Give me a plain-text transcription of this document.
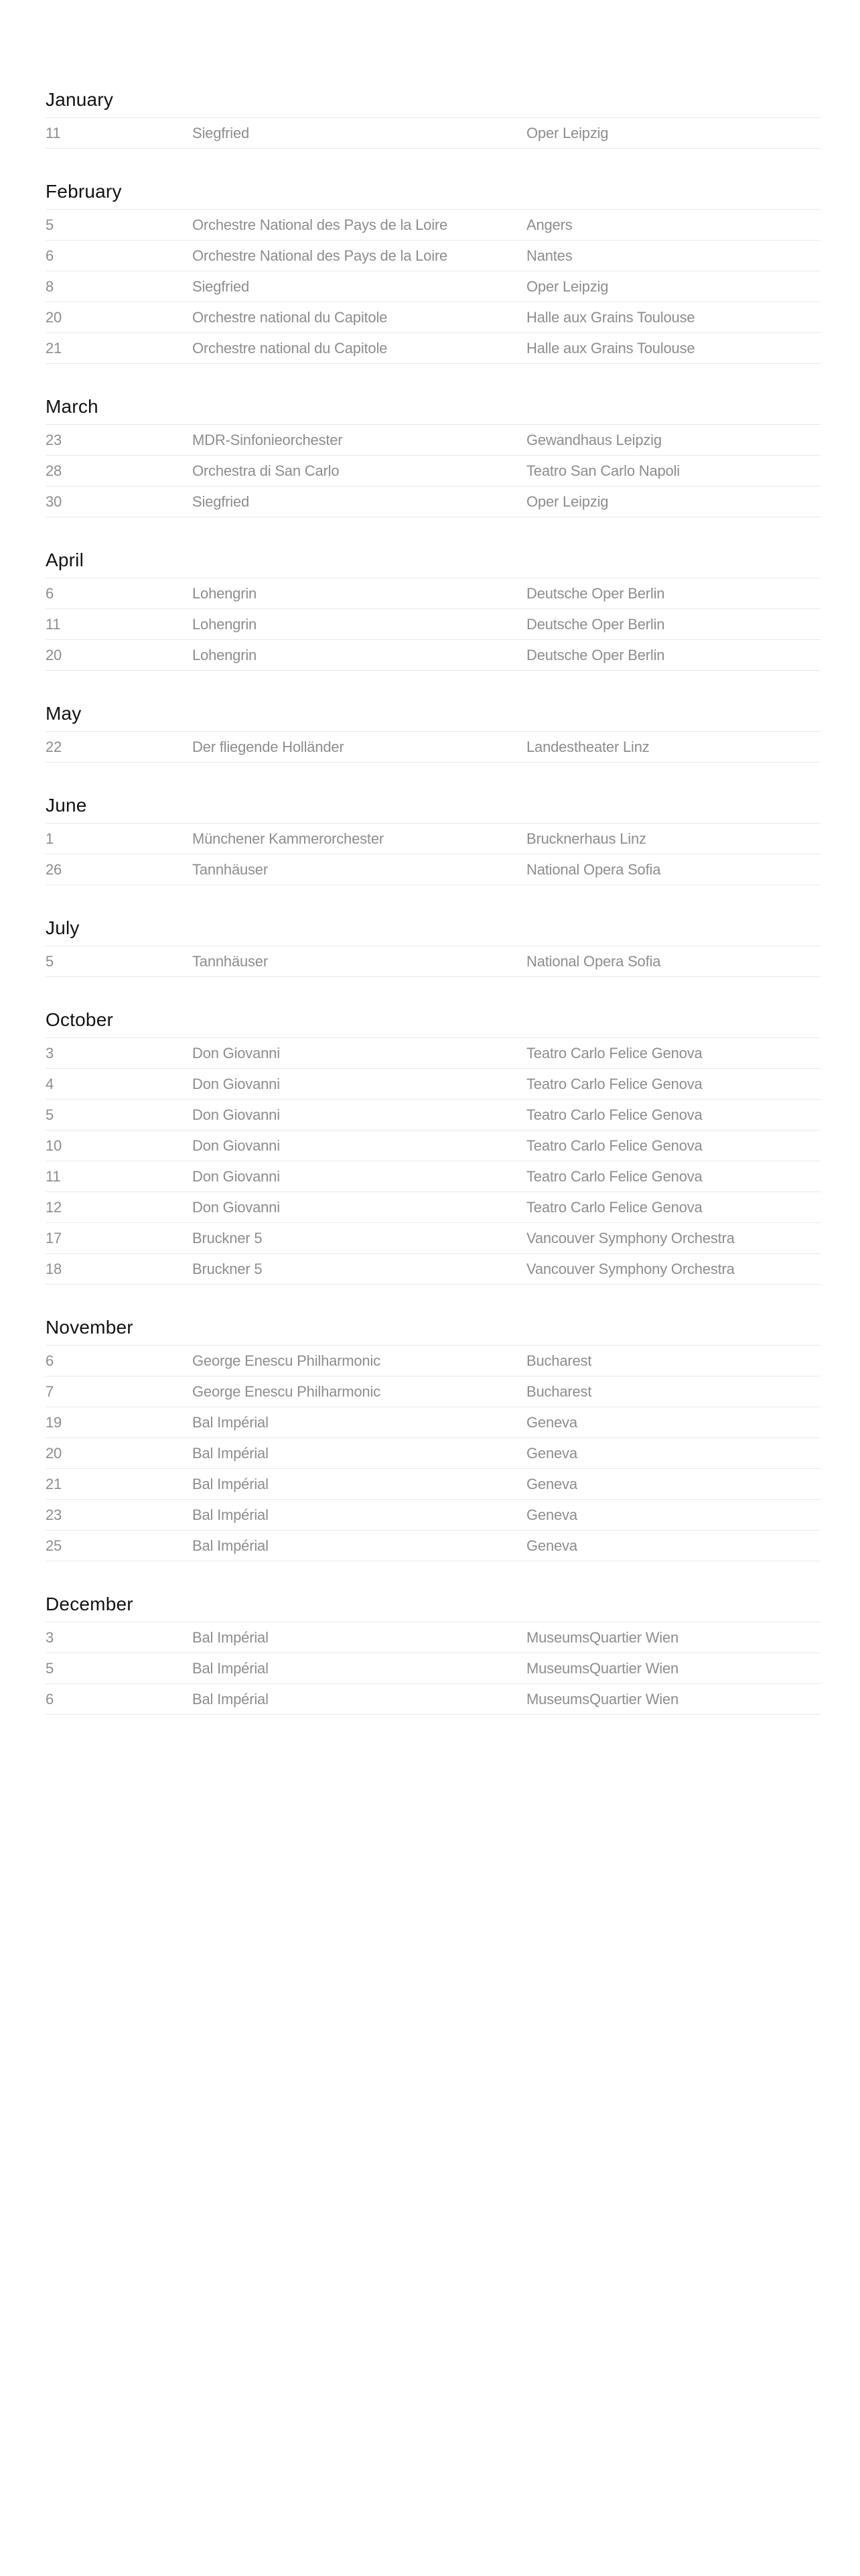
January
11	Siegfried	Oper Leipzig
February
5	Orchestre National des Pays de la Loire	Angers
6	Orchestre National des Pays de la Loire	Nantes
8	Siegfried	Oper Leipzig
20	Orchestre national du Capitole	Halle aux Grains Toulouse
21	Orchestre national du Capitole	Halle aux Grains Toulouse
March
23	MDR-Sinfonieorchester	Gewandhaus Leipzig
28	Orchestra di San Carlo	Teatro San Carlo Napoli
30	Siegfried	Oper Leipzig
April
6	Lohengrin	Deutsche Oper Berlin
11	Lohengrin	Deutsche Oper Berlin
20	Lohengrin	Deutsche Oper Berlin
May
22	Der fliegende Holländer	Landestheater Linz
June
1	Münchener Kammerorchester	Brucknerhaus Linz
26	Tannhäuser	National Opera Sofia
July
5	Tannhäuser	National Opera Sofia
October
3	Don Giovanni	Teatro Carlo Felice Genova
4	Don Giovanni	Teatro Carlo Felice Genova
5	Don Giovanni	Teatro Carlo Felice Genova
10	Don Giovanni	Teatro Carlo Felice Genova
11	Don Giovanni	Teatro Carlo Felice Genova
12	Don Giovanni	Teatro Carlo Felice Genova
17	Bruckner 5	Vancouver Symphony Orchestra
18	Bruckner 5	Vancouver Symphony Orchestra
November
6	George Enescu Philharmonic	Bucharest
7	George Enescu Philharmonic	Bucharest
19	Bal Impérial	Geneva
20	Bal Impérial	Geneva
21	Bal Impérial	Geneva
23	Bal Impérial	Geneva
25	Bal Impérial	Geneva
December
3	Bal Impérial	MuseumsQuartier Wien
5	Bal Impérial	MuseumsQuartier Wien
6	Bal Impérial	MuseumsQuartier Wien
